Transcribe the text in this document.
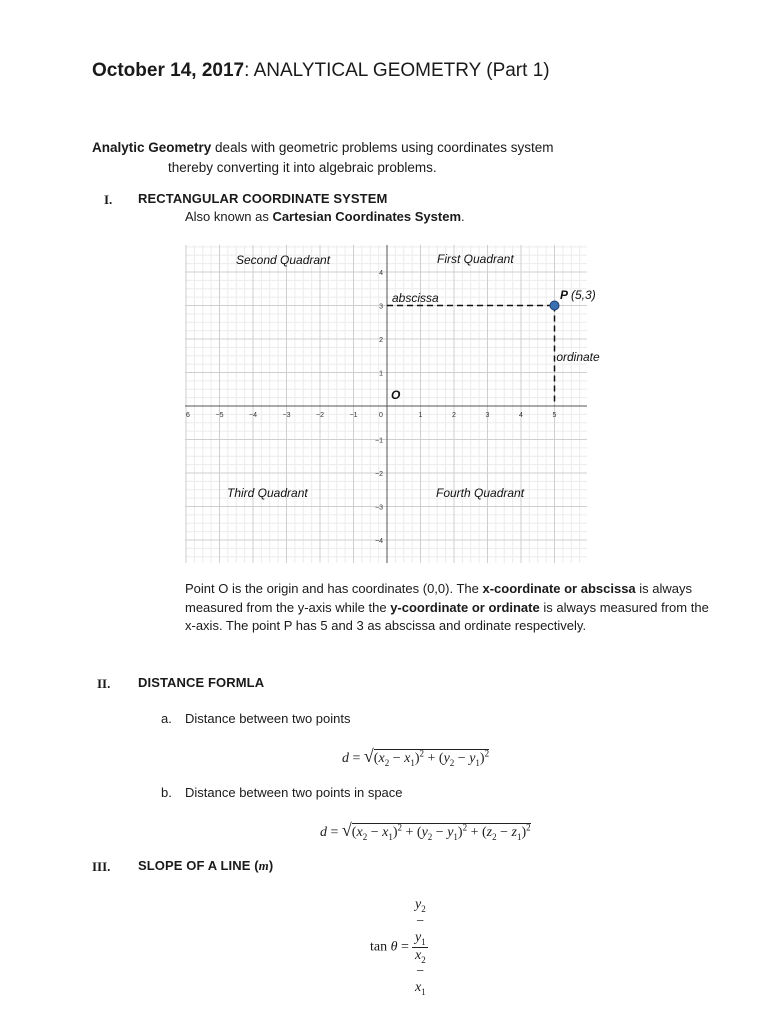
October 14, 2017: ANALYTICAL GEOMETRY (Part 1)
Analytic Geometry deals with geometric problems using coordinates system
thereby converting it into algebraic problems.
I. RECTANGULAR COORDINATE SYSTEM
Also known as Cartesian Coordinates System.
6	−5	−4	−3	−2	−1	0	1	2	3	4	5
4
3
2
1
−1
−2
−3
−4
Second Quadrant	First Quadrant
Third Quadrant	Fourth Quadrant
abscissa
ordinate
O
P (5,3)
Point O is the origin and has coordinates (0,0). The x-coordinate or abscissa is always measured from the y-axis while the y-coordinate or ordinate is always measured from the x-axis. The point P has 5 and 3 as abscissa and ordinate respectively.
II. DISTANCE FORMLA
a. Distance between two points
$d = √(x_2 - x_1)^2 + (y_2 - y_1)^2$
b. Distance between two points in space
$d = √(x_2 - x_1)^2 + (y_2 - y_1)^2 + (z_2 - z_1)^2$
III. SLOPE OF A LINE (m)
$\tan \theta = y_2$
−
$y_1$
$x_2$
−
$x_1$
